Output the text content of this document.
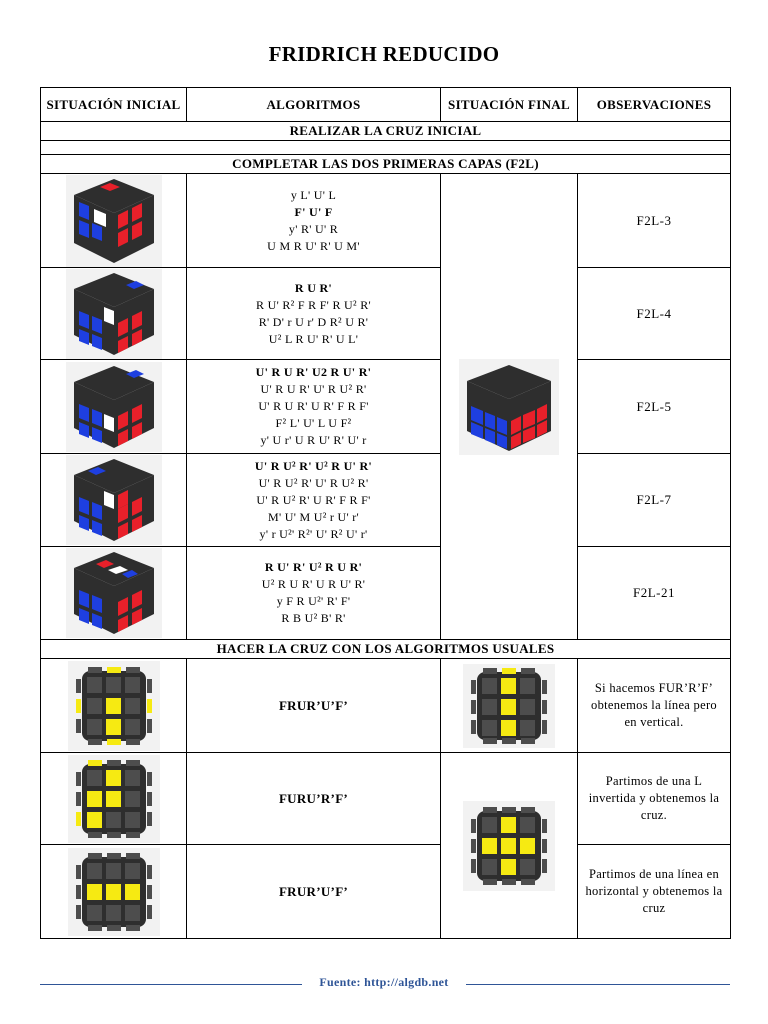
FRIDRICH REDUCIDO
SITUACIÓN INICIAL	ALGORITMOS	SITUACIÓN FINAL	OBSERVACIONES
REALIZAR LA CRUZ INICIAL			

COMPLETAR LAS DOS PRIMERAS CAPAS (F2L)			

y L' U' L
F' U' F
y' R' U' R
U M R U' R' U M'		F2L-3

R U R'
R U' R² F R F' R U² R'
R' D' r U r' D R² U R'
U² L R U' R' U L'		F2L-4

U' R U R' U2 R U' R'
U' R U R' U' R U² R'
U' R U R' U R' F R F'
F² L' U' L U F²
y' U r' U R U' R' U' r		F2L-5

U' R U² R' U² R U' R'
U' R U² R' U' R U² R'
U' R U² R' U R' F R F'
M' U' M U² r U' r'
y' r U²' R²' U' R² U' r'		F2L-7

R U' R' U² R U R'
U² R U R' U R U' R'
y F R U²' R' F'
R B U² B' R'		F2L-21
HACER LA CRUZ CON LOS ALGORITMOS USUALES			

FRUR’U’F’		Si hacemos FUR’R’F’ obtenemos la línea pero en vertical.

FURU’R’F’		Partimos de una L invertida y obtenemos la cruz.

FRUR’U’F’		Partimos de una línea en horizontal y obtenemos la cruz
Fuente: http://algdb.net
